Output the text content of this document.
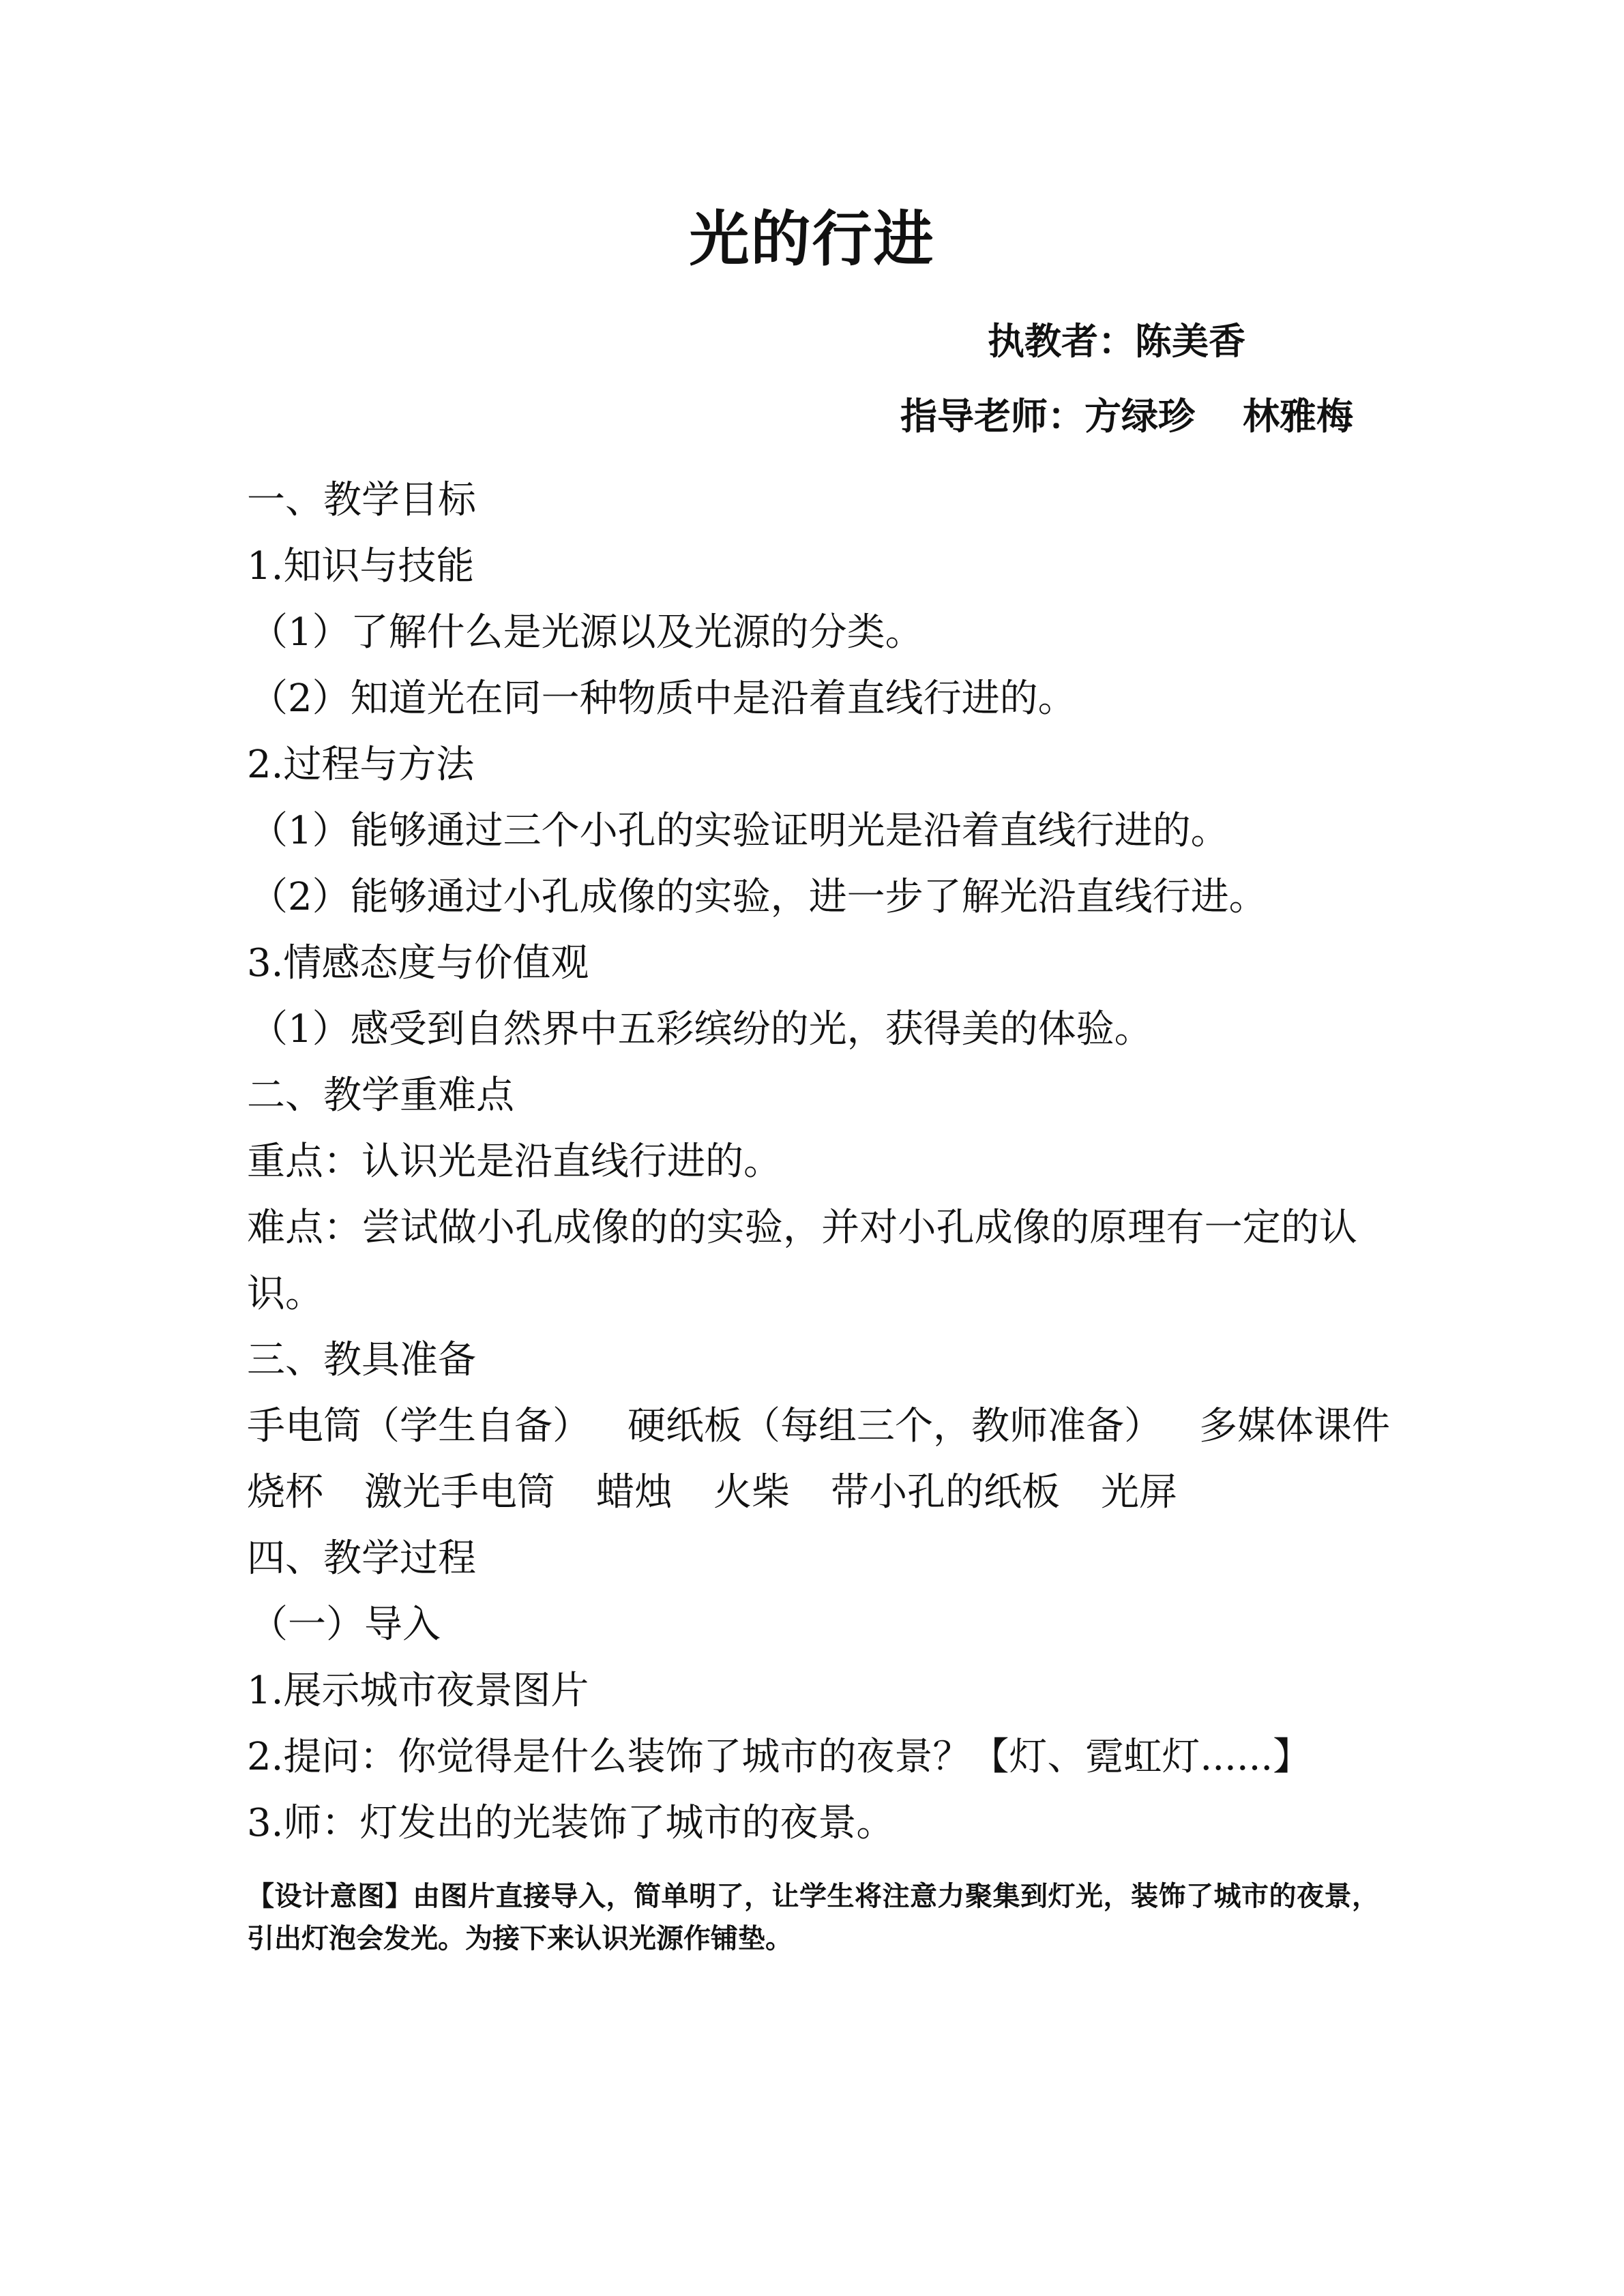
光的行进
执教者：陈美香
指导老师：方绿珍 林雅梅
一、教学目标
1.知识与技能
（1）了解什么是光源以及光源的分类。
（2）知道光在同一种物质中是沿着直线行进的。
2.过程与方法
（1）能够通过三个小孔的实验证明光是沿着直线行进的。
（2）能够通过小孔成像的实验，进一步了解光沿直线行进。
3.情感态度与价值观
（1）感受到自然界中五彩缤纷的光，获得美的体验。
二、教学重难点
重点：认识光是沿直线行进的。
难点：尝试做小孔成像的的实验，并对小孔成像的原理有一定的认
识。
三、教具准备
手电筒（学生自备） 硬纸板（每组三个，教师准备） 多媒体课件
烧杯 激光手电筒 蜡烛 火柴 带小孔的纸板 光屏
四、教学过程
（一）导入
1.展示城市夜景图片
2.提问：你觉得是什么装饰了城市的夜景？【灯、霓虹灯......】
3.师：灯发出的光装饰了城市的夜景。
【设计意图】由图片直接导入，简单明了，让学生将注意力聚集到灯光，装饰了城市的夜景，引出灯泡会发光。为接下来认识光源作铺垫。
